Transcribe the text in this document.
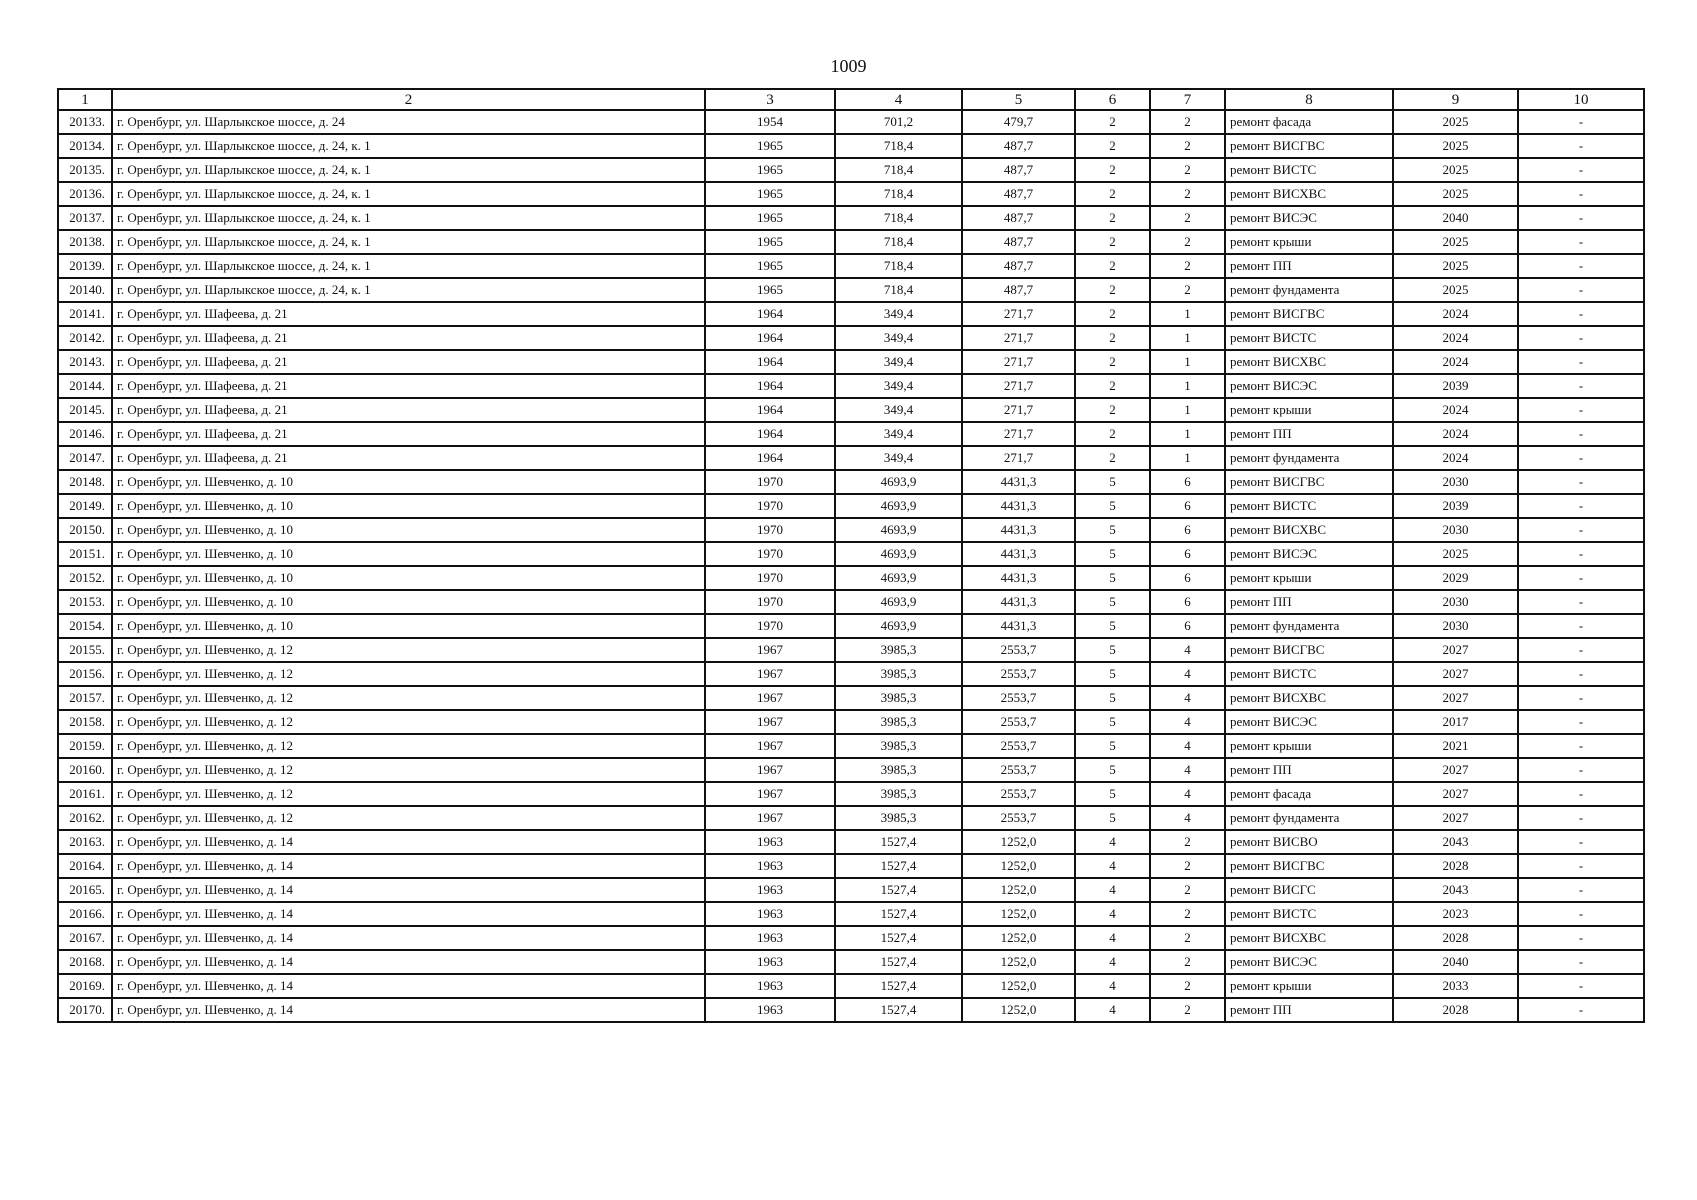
1009
1	2	3	4	5	6	7	8	9	10
20133.	г. Оренбург, ул. Шарлыкское шоссе, д. 24	1954	701,2	479,7	2	2	ремонт фасада	2025	-
20134.	г. Оренбург, ул. Шарлыкское шоссе, д. 24, к. 1	1965	718,4	487,7	2	2	ремонт ВИСГВС	2025	-
20135.	г. Оренбург, ул. Шарлыкское шоссе, д. 24, к. 1	1965	718,4	487,7	2	2	ремонт ВИСТС	2025	-
20136.	г. Оренбург, ул. Шарлыкское шоссе, д. 24, к. 1	1965	718,4	487,7	2	2	ремонт ВИСХВС	2025	-
20137.	г. Оренбург, ул. Шарлыкское шоссе, д. 24, к. 1	1965	718,4	487,7	2	2	ремонт ВИСЭС	2040	-
20138.	г. Оренбург, ул. Шарлыкское шоссе, д. 24, к. 1	1965	718,4	487,7	2	2	ремонт крыши	2025	-
20139.	г. Оренбург, ул. Шарлыкское шоссе, д. 24, к. 1	1965	718,4	487,7	2	2	ремонт ПП	2025	-
20140.	г. Оренбург, ул. Шарлыкское шоссе, д. 24, к. 1	1965	718,4	487,7	2	2	ремонт фундамента	2025	-
20141.	г. Оренбург, ул. Шафеева, д. 21	1964	349,4	271,7	2	1	ремонт ВИСГВС	2024	-
20142.	г. Оренбург, ул. Шафеева, д. 21	1964	349,4	271,7	2	1	ремонт ВИСТС	2024	-
20143.	г. Оренбург, ул. Шафеева, д. 21	1964	349,4	271,7	2	1	ремонт ВИСХВС	2024	-
20144.	г. Оренбург, ул. Шафеева, д. 21	1964	349,4	271,7	2	1	ремонт ВИСЭС	2039	-
20145.	г. Оренбург, ул. Шафеева, д. 21	1964	349,4	271,7	2	1	ремонт крыши	2024	-
20146.	г. Оренбург, ул. Шафеева, д. 21	1964	349,4	271,7	2	1	ремонт ПП	2024	-
20147.	г. Оренбург, ул. Шафеева, д. 21	1964	349,4	271,7	2	1	ремонт фундамента	2024	-
20148.	г. Оренбург, ул. Шевченко, д. 10	1970	4693,9	4431,3	5	6	ремонт ВИСГВС	2030	-
20149.	г. Оренбург, ул. Шевченко, д. 10	1970	4693,9	4431,3	5	6	ремонт ВИСТС	2039	-
20150.	г. Оренбург, ул. Шевченко, д. 10	1970	4693,9	4431,3	5	6	ремонт ВИСХВС	2030	-
20151.	г. Оренбург, ул. Шевченко, д. 10	1970	4693,9	4431,3	5	6	ремонт ВИСЭС	2025	-
20152.	г. Оренбург, ул. Шевченко, д. 10	1970	4693,9	4431,3	5	6	ремонт крыши	2029	-
20153.	г. Оренбург, ул. Шевченко, д. 10	1970	4693,9	4431,3	5	6	ремонт ПП	2030	-
20154.	г. Оренбург, ул. Шевченко, д. 10	1970	4693,9	4431,3	5	6	ремонт фундамента	2030	-
20155.	г. Оренбург, ул. Шевченко, д. 12	1967	3985,3	2553,7	5	4	ремонт ВИСГВС	2027	-
20156.	г. Оренбург, ул. Шевченко, д. 12	1967	3985,3	2553,7	5	4	ремонт ВИСТС	2027	-
20157.	г. Оренбург, ул. Шевченко, д. 12	1967	3985,3	2553,7	5	4	ремонт ВИСХВС	2027	-
20158.	г. Оренбург, ул. Шевченко, д. 12	1967	3985,3	2553,7	5	4	ремонт ВИСЭС	2017	-
20159.	г. Оренбург, ул. Шевченко, д. 12	1967	3985,3	2553,7	5	4	ремонт крыши	2021	-
20160.	г. Оренбург, ул. Шевченко, д. 12	1967	3985,3	2553,7	5	4	ремонт ПП	2027	-
20161.	г. Оренбург, ул. Шевченко, д. 12	1967	3985,3	2553,7	5	4	ремонт фасада	2027	-
20162.	г. Оренбург, ул. Шевченко, д. 12	1967	3985,3	2553,7	5	4	ремонт фундамента	2027	-
20163.	г. Оренбург, ул. Шевченко, д. 14	1963	1527,4	1252,0	4	2	ремонт ВИСВО	2043	-
20164.	г. Оренбург, ул. Шевченко, д. 14	1963	1527,4	1252,0	4	2	ремонт ВИСГВС	2028	-
20165.	г. Оренбург, ул. Шевченко, д. 14	1963	1527,4	1252,0	4	2	ремонт ВИСГС	2043	-
20166.	г. Оренбург, ул. Шевченко, д. 14	1963	1527,4	1252,0	4	2	ремонт ВИСТС	2023	-
20167.	г. Оренбург, ул. Шевченко, д. 14	1963	1527,4	1252,0	4	2	ремонт ВИСХВС	2028	-
20168.	г. Оренбург, ул. Шевченко, д. 14	1963	1527,4	1252,0	4	2	ремонт ВИСЭС	2040	-
20169.	г. Оренбург, ул. Шевченко, д. 14	1963	1527,4	1252,0	4	2	ремонт крыши	2033	-
20170.	г. Оренбург, ул. Шевченко, д. 14	1963	1527,4	1252,0	4	2	ремонт ПП	2028	-
